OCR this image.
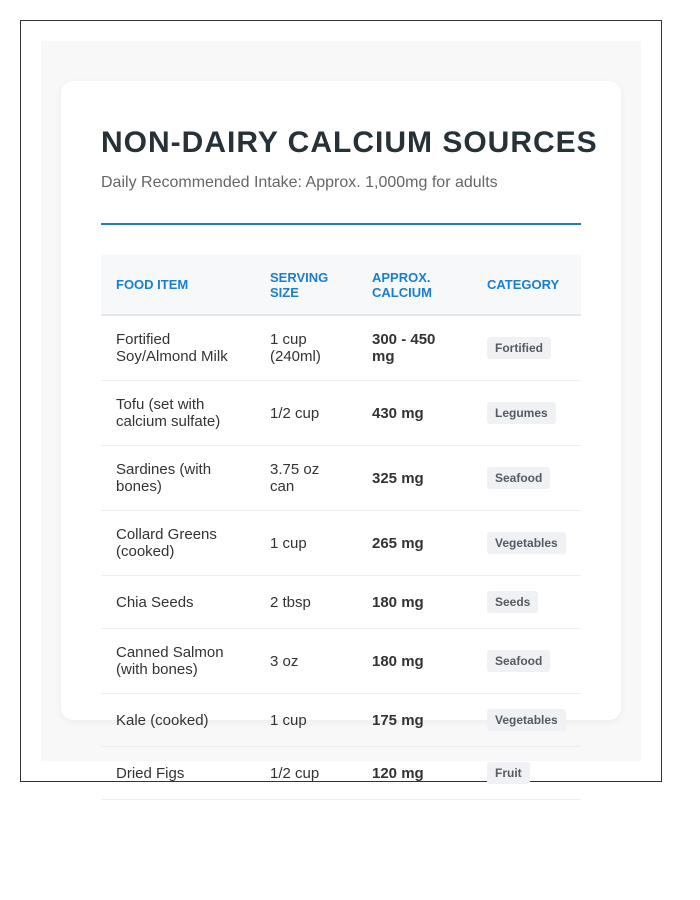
NON-DAIRY CALCIUM SOURCES

Daily Recommended Intake: Approx. 1,000mg for adults

FOOD ITEM	SERVING SIZE	APPROX. CALCIUM	CATEGORY
Fortified Soy/Almond Milk	1 cup (240ml)	300 - 450 mg	Fortified
Tofu (set with calcium sulfate)	1/2 cup	430 mg	Legumes
Sardines (with bones)	3.75 oz can	325 mg	Seafood
Collard Greens (cooked)	1 cup	265 mg	Vegetables
Chia Seeds	2 tbsp	180 mg	Seeds
Canned Salmon (with bones)	3 oz	180 mg	Seafood
Kale (cooked)	1 cup	175 mg	Vegetables
Dried Figs	1/2 cup	120 mg	Fruit
